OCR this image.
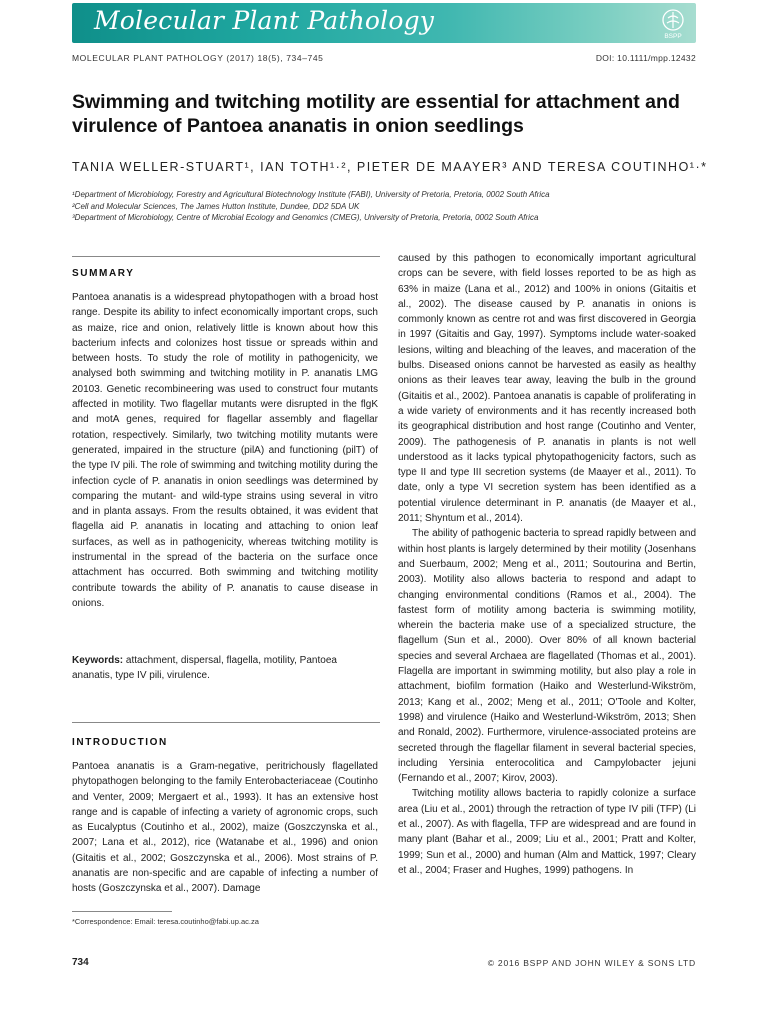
Molecular Plant Pathology
BSPP
MOLECULAR PLANT PATHOLOGY (2017) 18(5), 734–745	DOI: 10.1111/mpp.12432
Swimming and twitching motility are essential for attachment and virulence of Pantoea ananatis in onion seedlings
TANIA WELLER-STUART¹, IAN TOTH¹·², PIETER DE MAAYER³ AND TERESA COUTINHO¹·*
¹Department of Microbiology, Forestry and Agricultural Biotechnology Institute (FABI), University of Pretoria, Pretoria, 0002 South Africa
²Cell and Molecular Sciences, The James Hutton Institute, Dundee, DD2 5DA UK
³Department of Microbiology, Centre of Microbial Ecology and Genomics (CMEG), University of Pretoria, Pretoria, 0002 South Africa
SUMMARY

Pantoea ananatis is a widespread phytopathogen with a broad host range. Despite its ability to infect economically important crops, such as maize, rice and onion, relatively little is known about how this bacterium infects and colonizes host tissue or spreads within and between hosts. To study the role of motility in pathogenicity, we analysed both swimming and twitching motility in P. ananatis LMG 20103. Genetic recombineering was used to construct four mutants affected in motility. Two flagellar mutants were disrupted in the flgK and motA genes, required for flagellar assembly and flagellar rotation, respectively. Similarly, two twitching motility mutants were generated, impaired in the structure (pilA) and functioning (pilT) of the type IV pili. The role of swimming and twitching motility during the infection cycle of P. ananatis in onion seedlings was determined by comparing the mutant- and wild-type strains using several in vitro and in planta assays. From the results obtained, it was evident that flagella aid P. ananatis in locating and attaching to onion leaf surfaces, as well as in pathogenicity, whereas twitching motility is instrumental in the spread of the bacteria on the surface once attachment has occurred. Both swimming and twitching motility contribute towards the ability of P. ananatis to cause disease in onions.

Keywords: attachment, dispersal, flagella, motility, Pantoea ananatis, type IV pili, virulence.
INTRODUCTION

Pantoea ananatis is a Gram-negative, peritrichously flagellated phytopathogen belonging to the family Enterobacteriaceae (Coutinho and Venter, 2009; Mergaert et al., 1993). It has an extensive host range and is capable of infecting a variety of agronomic crops, such as Eucalyptus (Coutinho et al., 2002), maize (Goszczynska et al., 2007; Lana et al., 2012), rice (Watanabe et al., 1996) and onion (Gitaitis et al., 2002; Goszczynska et al., 2006). Most strains of P. ananatis are non-specific and are capable of infecting a number of hosts (Goszczynska et al., 2007). Damage

*Correspondence: Email: teresa.coutinho@fabi.up.ac.za

caused by this pathogen to economically important agricultural crops can be severe, with field losses reported to be as high as 63% in maize (Lana et al., 2012) and 100% in onions (Gitaitis et al., 2002). The disease caused by P. ananatis in onions is commonly known as centre rot and was first discovered in Georgia in 1997 (Gitaitis and Gay, 1997). Symptoms include water-soaked lesions, wilting and bleaching of the leaves, and maceration of the bulbs. Diseased onions cannot be harvested as easily as healthy onions as their leaves tear away, leaving the bulb in the ground (Gitaitis et al., 2002). Pantoea ananatis is capable of proliferating in a wide variety of environments and it has recently increased both its geographical distribution and host range (Coutinho and Venter, 2009). The pathogenesis of P. ananatis in plants is not well understood as it lacks typical phytopathogenicity factors, such as type II and type III secretion systems (de Maayer et al., 2011). To date, only a type VI secretion system has been identified as a potential virulence determinant in P. ananatis (de Maayer et al., 2011; Shyntum et al., 2014).

The ability of pathogenic bacteria to spread rapidly between and within host plants is largely determined by their motility (Josenhans and Suerbaum, 2002; Meng et al., 2011; Soutourina and Bertin, 2003). Motility also allows bacteria to respond and adapt to changing environmental conditions (Ramos et al., 2004). The fastest form of motility among bacteria is swimming motility, wherein the bacteria make use of a specialized structure, the flagellum (Sun et al., 2000). Over 80% of all known bacterial species and several Archaea are flagellated (Thomas et al., 2001). Flagella are important in swimming motility, but also play a role in attachment, biofilm formation (Haiko and Westerlund-Wikström, 2013; Kang et al., 2002; Meng et al., 2011; O'Toole and Kolter, 1998) and virulence (Haiko and Westerlund-Wikström, 2013; Shen and Ronald, 2002). Furthermore, virulence-associated proteins are secreted through the flagellar filament in several bacterial species, including Yersinia enterocolitica and Campylobacter jejuni (Fernando et al., 2007; Kirov, 2003).

Twitching motility allows bacteria to rapidly colonize a surface area (Liu et al., 2001) through the retraction of type IV pili (TFP) (Li et al., 2007). As with flagella, TFP are widespread and are found in many plant (Bahar et al., 2009; Liu et al., 2001; Pratt and Kolter, 1999; Sun et al., 2000) and human (Alm and Mattick, 1997; Cleary et al., 2004; Fraser and Hughes, 1999) pathogens. In

734	© 2016 BSPP AND JOHN WILEY & SONS LTD
